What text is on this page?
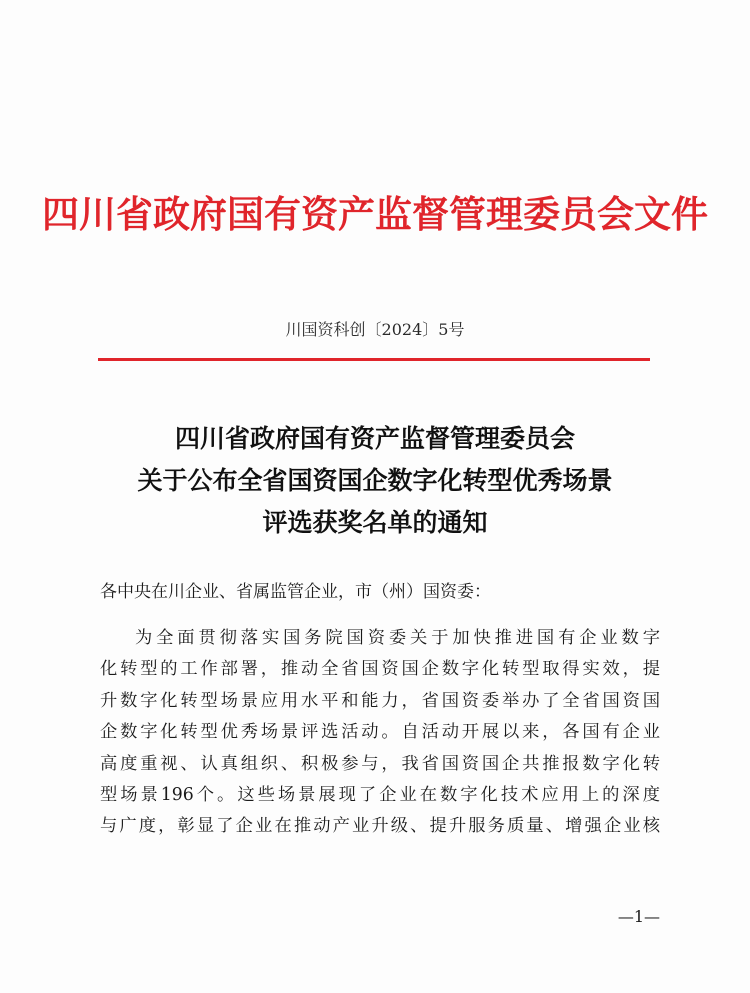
四川省政府国有资产监督管理委员会文件
川国资科创〔2024〕5号
四川省政府国有资产监督管理委员会
关于公布全省国资国企数字化转型优秀场景
评选获奖名单的通知
各中央在川企业、省属监管企业，市（州）国资委：
为全面贯彻落实国务院国资委关于加快推进国有企业数字
化转型的工作部署，推动全省国资国企数字化转型取得实效，提
升数字化转型场景应用水平和能力，省国资委举办了全省国资国
企数字化转型优秀场景评选活动。自活动开展以来，各国有企业
高度重视、认真组织、积极参与，我省国资国企共推报数字化转
型场景196个。这些场景展现了企业在数字化技术应用上的深度
与广度，彰显了企业在推动产业升级、提升服务质量、增强企业核
—1—
